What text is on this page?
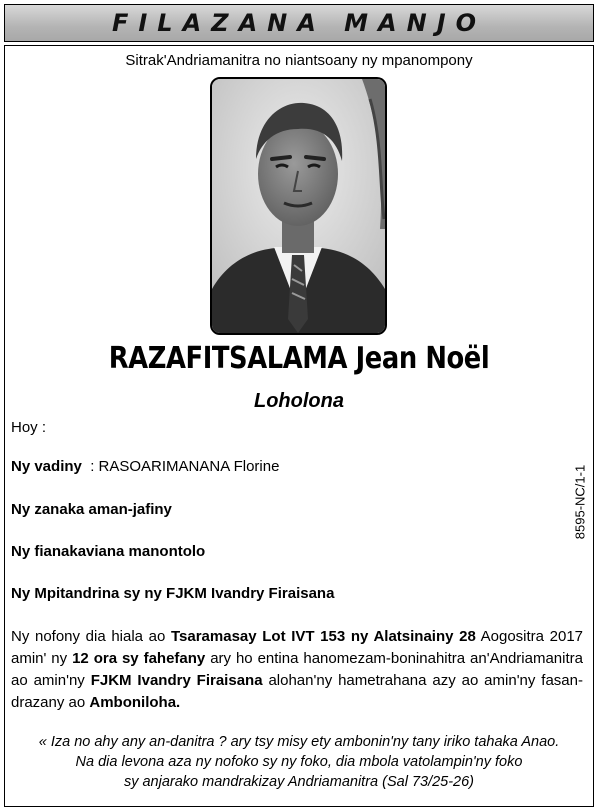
FILAZANA MANJO
Sitrak'Andriamanitra no niantsoany ny mpanompony
RAZAFITSALAMA Jean Noël
Loholona
Hoy :
Ny vadiny  : RASOARIMANANA Florine
Ny zanaka aman-jafiny
Ny fianakaviana manontolo
Ny Mpitandrina sy ny FJKM Ivandry Firaisana
8595-NC/1-1
Ny nofony dia hiala ao Tsaramasay Lot IVT 153 ny Alatsinainy 28 Aogositra 2017 amin' ny 12 ora sy fahefany ary ho entina hanomezam-boninahitra an'Andriamanitra ao amin'ny FJKM Ivandry Firaisana alohan'ny hametrahana azy ao amin'ny fasan-drazany ao Amboniloha.
« Iza no ahy any an-danitra ? ary tsy misy ety ambonin'ny tany iriko tahaka Anao.
Na dia levona aza ny nofoko sy ny foko, dia mbola vatolampin'ny foko
sy anjarako mandrakizay Andriamanitra (Sal 73/25-26)
